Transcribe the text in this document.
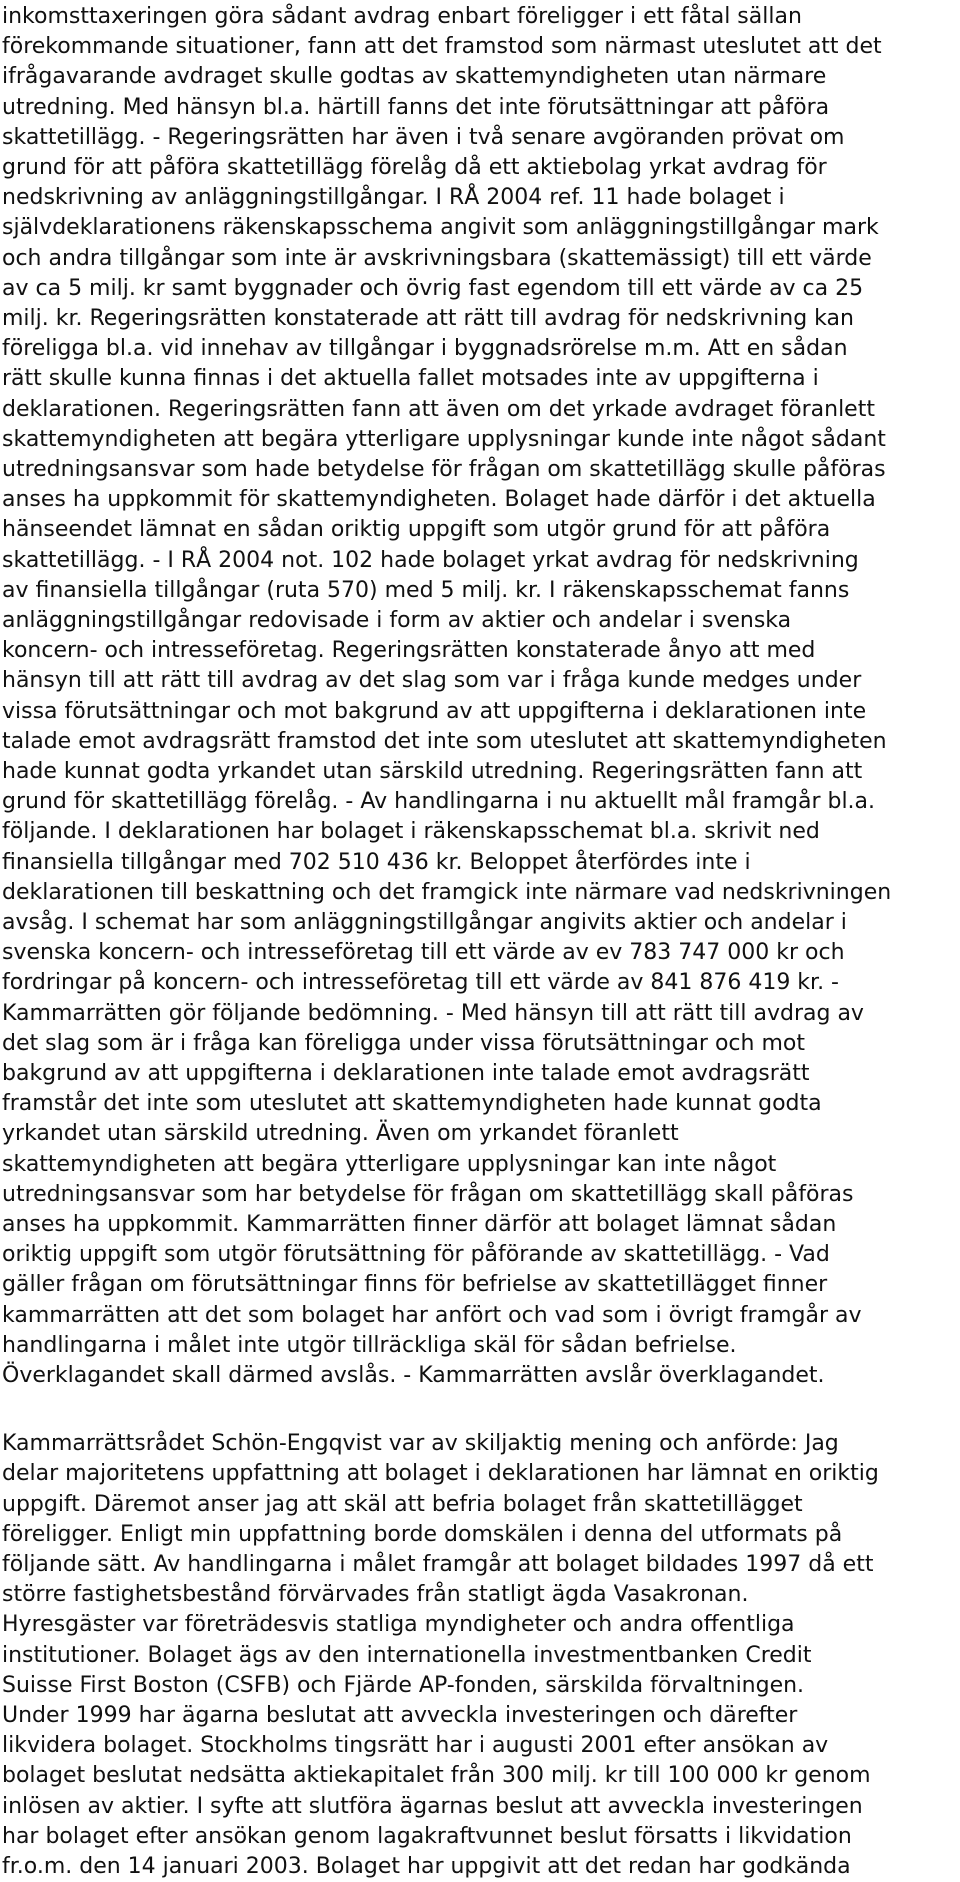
inkomsttaxeringen göra sådant avdrag enbart föreligger i ett fåtal sällan
förekommande situationer, fann att det framstod som närmast uteslutet att det
ifrågavarande avdraget skulle godtas av skattemyndigheten utan närmare
utredning. Med hänsyn bl.a. härtill fanns det inte förutsättningar att påföra
skattetillägg. - Regeringsrätten har även i två senare avgöranden prövat om
grund för att påföra skattetillägg förelåg då ett aktiebolag yrkat avdrag för
nedskrivning av anläggningstillgångar. I RÅ 2004 ref. 11 hade bolaget i
självdeklarationens räkenskapsschema angivit som anläggningstillgångar mark
och andra tillgångar som inte är avskrivningsbara (skattemässigt) till ett värde
av ca 5 milj. kr samt byggnader och övrig fast egendom till ett värde av ca 25
milj. kr. Regeringsrätten konstaterade att rätt till avdrag för nedskrivning kan
föreligga bl.a. vid innehav av tillgångar i byggnadsrörelse m.m. Att en sådan
rätt skulle kunna finnas i det aktuella fallet motsades inte av uppgifterna i
deklarationen. Regeringsrätten fann att även om det yrkade avdraget föranlett
skattemyndigheten att begära ytterligare upplysningar kunde inte något sådant
utredningsansvar som hade betydelse för frågan om skattetillägg skulle påföras
anses ha uppkommit för skattemyndigheten. Bolaget hade därför i det aktuella
hänseendet lämnat en sådan oriktig uppgift som utgör grund för att påföra
skattetillägg. - I RÅ 2004 not. 102 hade bolaget yrkat avdrag för nedskrivning
av finansiella tillgångar (ruta 570) med 5 milj. kr. I räkenskapsschemat fanns
anläggningstillgångar redovisade i form av aktier och andelar i svenska
koncern- och intresseföretag. Regeringsrätten konstaterade ånyo att med
hänsyn till att rätt till avdrag av det slag som var i fråga kunde medges under
vissa förutsättningar och mot bakgrund av att uppgifterna i deklarationen inte
talade emot avdragsrätt framstod det inte som uteslutet att skattemyndigheten
hade kunnat godta yrkandet utan särskild utredning. Regeringsrätten fann att
grund för skattetillägg förelåg. - Av handlingarna i nu aktuellt mål framgår bl.a.
följande. I deklarationen har bolaget i räkenskapsschemat bl.a. skrivit ned
finansiella tillgångar med 702 510 436 kr. Beloppet återfördes inte i
deklarationen till beskattning och det framgick inte närmare vad nedskrivningen
avsåg. I schemat har som anläggningstillgångar angivits aktier och andelar i
svenska koncern- och intresseföretag till ett värde av ev 783 747 000 kr och
fordringar på koncern- och intresseföretag till ett värde av 841 876 419 kr. -
Kammarrätten gör följande bedömning. - Med hänsyn till att rätt till avdrag av
det slag som är i fråga kan föreligga under vissa förutsättningar och mot
bakgrund av att uppgifterna i deklarationen inte talade emot avdragsrätt
framstår det inte som uteslutet att skattemyndigheten hade kunnat godta
yrkandet utan särskild utredning. Även om yrkandet föranlett
skattemyndigheten att begära ytterligare upplysningar kan inte något
utredningsansvar som har betydelse för frågan om skattetillägg skall påföras
anses ha uppkommit. Kammarrätten finner därför att bolaget lämnat sådan
oriktig uppgift som utgör förutsättning för påförande av skattetillägg. - Vad
gäller frågan om förutsättningar finns för befrielse av skattetillägget finner
kammarrätten att det som bolaget har anfört och vad som i övrigt framgår av
handlingarna i målet inte utgör tillräckliga skäl för sådan befrielse.
Överklagandet skall därmed avslås. - Kammarrätten avslår överklagandet.
Kammarrättsrådet Schön-Engqvist var av skiljaktig mening och anförde: Jag
delar majoritetens uppfattning att bolaget i deklarationen har lämnat en oriktig
uppgift. Däremot anser jag att skäl att befria bolaget från skattetillägget
föreligger. Enligt min uppfattning borde domskälen i denna del utformats på
följande sätt. Av handlingarna i målet framgår att bolaget bildades 1997 då ett
större fastighetsbestånd förvärvades från statligt ägda Vasakronan.
Hyresgäster var företrädesvis statliga myndigheter och andra offentliga
institutioner. Bolaget ägs av den internationella investmentbanken Credit
Suisse First Boston (CSFB) och Fjärde AP-fonden, särskilda förvaltningen.
Under 1999 har ägarna beslutat att avveckla investeringen och därefter
likvidera bolaget. Stockholms tingsrätt har i augusti 2001 efter ansökan av
bolaget beslutat nedsätta aktiekapitalet från 300 milj. kr till 100 000 kr genom
inlösen av aktier. I syfte att slutföra ägarnas beslut att avveckla investeringen
har bolaget efter ansökan genom lagakraftvunnet beslut försatts i likvidation
fr.o.m. den 14 januari 2003. Bolaget har uppgivit att det redan har godkända
